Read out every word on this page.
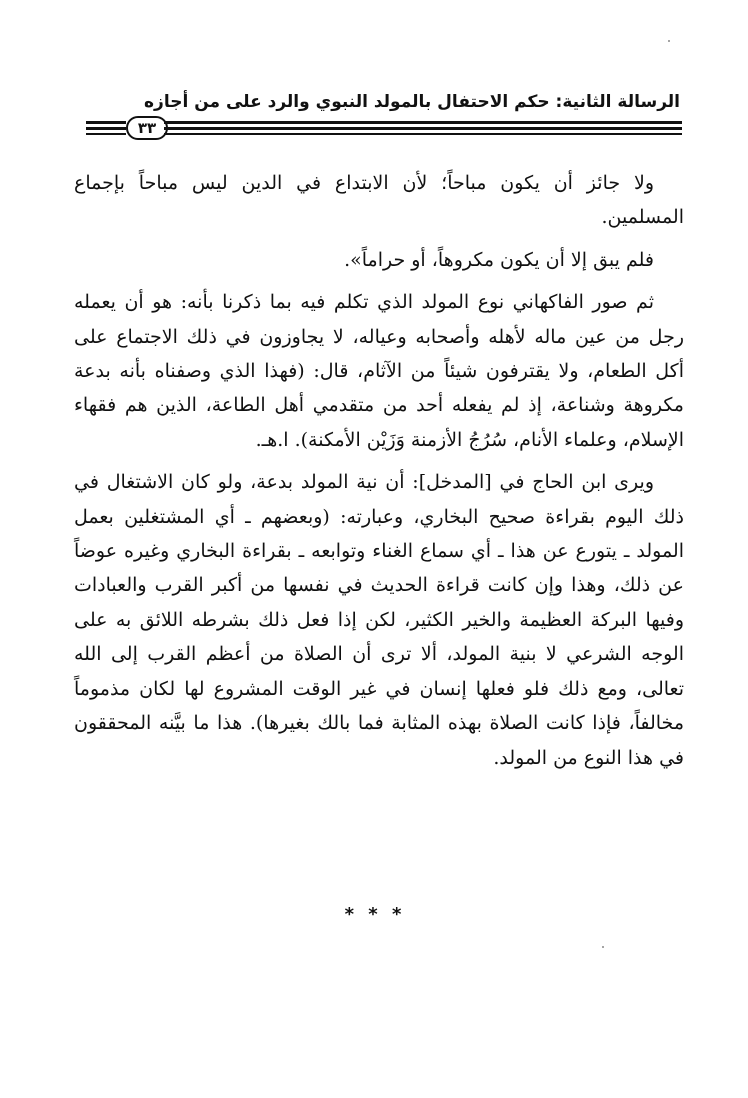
الرسالة الثانية: حكم الاحتفال بالمولد النبوي والرد على من أجازه
٣٣

ولا جائز أن يكون مباحاً؛ لأن الابتداع في الدين ليس مباحاً بإجماع المسلمين.

فلم يبق إلا أن يكون مكروهاً، أو حراماً».

ثم صور الفاكهاني نوع المولد الذي تكلم فيه بما ذكرنا بأنه: هو أن يعمله رجل من عين ماله لأهله وأصحابه وعياله، لا يجاوزون في ذلك الاجتماع على أكل الطعام، ولا يقترفون شيئاً من الآثام، قال: (فهذا الذي وصفناه بأنه بدعة مكروهة وشناعة، إذ لم يفعله أحد من متقدمي أهل الطاعة، الذين هم فقهاء الإسلام، وعلماء الأنام، سُرُجُ الأزمنة وَزَيْن الأمكنة). ا.هـ.

ويرى ابن الحاج في [المدخل]: أن نية المولد بدعة، ولو كان الاشتغال في ذلك اليوم بقراءة صحيح البخاري، وعبارته: (وبعضهم ـ أي المشتغلين بعمل المولد ـ يتورع عن هذا ـ أي سماع الغناء وتوابعه ـ بقراءة البخاري وغيره عوضاً عن ذلك، وهذا وإن كانت قراءة الحديث في نفسها من أكبر القرب والعبادات وفيها البركة العظيمة والخير الكثير، لكن إذا فعل ذلك بشرطه اللائق به على الوجه الشرعي لا بنية المولد، ألا ترى أن الصلاة من أعظم القرب إلى الله تعالى، ومع ذلك فلو فعلها إنسان في غير الوقت المشروع لها لكان مذموماً مخالفاً، فإذا كانت الصلاة بهذه المثابة فما بالك بغيرها). هذا ما بيَّنه المحققون في هذا النوع من المولد.

* * *
